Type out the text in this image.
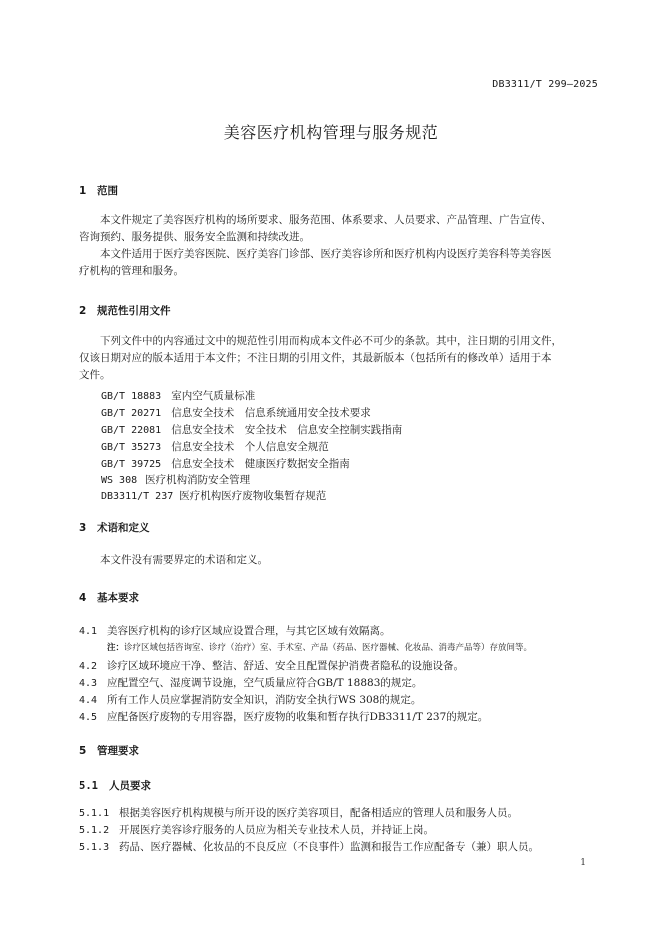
DB3311/T 299—2025
美容医疗机构管理与服务规范
1 范围
本文件规定了美容医疗机构的场所要求、服务范围、体系要求、人员要求、产品管理、广告宣传、
咨询预约、服务提供、服务安全监测和持续改进。
本文件适用于医疗美容医院、医疗美容门诊部、医疗美容诊所和医疗机构内设医疗美容科等美容医
疗机构的管理和服务。
2 规范性引用文件
下列文件中的内容通过文中的规范性引用而构成本文件必不可少的条款。其中，注日期的引用文件，
仅该日期对应的版本适用于本文件；不注日期的引用文件，其最新版本（包括所有的修改单）适用于本
文件。
GB/T 18883 室内空气质量标准
GB/T 20271 信息安全技术　信息系统通用安全技术要求
GB/T 22081 信息安全技术　安全技术　信息安全控制实践指南
GB/T 35273 信息安全技术　个人信息安全规范
GB/T 39725 信息安全技术　健康医疗数据安全指南
WS 308 医疗机构消防安全管理
DB3311/T 237 医疗机构医疗废物收集暂存规范
3 术语和定义
本文件没有需要界定的术语和定义。
4 基本要求
4.1 美容医疗机构的诊疗区域应设置合理，与其它区域有效隔离。
注：诊疗区域包括咨询室、诊疗（治疗）室、手术室、产品（药品、医疗器械、化妆品、消毒产品等）存放间等。
4.2 诊疗区域环境应干净、整洁、舒适、安全且配置保护消费者隐私的设施设备。
4.3 应配置空气、湿度调节设施，空气质量应符合GB/T 18883的规定。
4.4 所有工作人员应掌握消防安全知识，消防安全执行WS 308的规定。
4.5 应配备医疗废物的专用容器，医疗废物的收集和暂存执行DB3311/T 237的规定。
5 管理要求
5.1 人员要求
5.1.1 根据美容医疗机构规模与所开设的医疗美容项目，配备相适应的管理人员和服务人员。
5.1.2 开展医疗美容诊疗服务的人员应为相关专业技术人员，并持证上岗。
5.1.3 药品、医疗器械、化妆品的不良反应（不良事件）监测和报告工作应配备专（兼）职人员。
1
